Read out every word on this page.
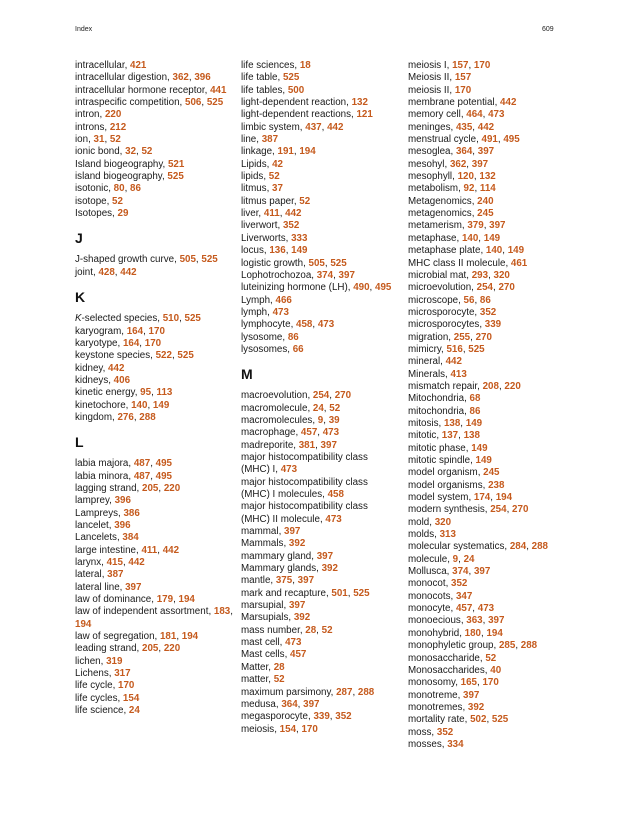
Index	609
intracellular, 421
intracellular digestion, 362, 396
intracellular hormone receptor, 441
intraspecific competition, 506, 525
intron, 220
introns, 212
ion, 31, 52
ionic bond, 32, 52
Island biogeography, 521
island biogeography, 525
isotonic, 80, 86
isotope, 52
Isotopes, 29
J
J-shaped growth curve, 505, 525
joint, 428, 442
K
K-selected species, 510, 525
karyogram, 164, 170
karyotype, 164, 170
keystone species, 522, 525
kidney, 442
kidneys, 406
kinetic energy, 95, 113
kinetochore, 140, 149
kingdom, 276, 288
L
labia majora, 487, 495
labia minora, 487, 495
lagging strand, 205, 220
lamprey, 396
Lampreys, 386
lancelet, 396
Lancelets, 384
large intestine, 411, 442
larynx, 415, 442
lateral, 387
lateral line, 397
law of dominance, 179, 194
law of independent assortment, 183, 194
law of segregation, 181, 194
leading strand, 205, 220
lichen, 319
Lichens, 317
life cycle, 170
life cycles, 154
life science, 24
life sciences, 18
life table, 525
life tables, 500
light-dependent reaction, 132
light-dependent reactions, 121
limbic system, 437, 442
line, 387
linkage, 191, 194
Lipids, 42
lipids, 52
litmus, 37
litmus paper, 52
liver, 411, 442
liverwort, 352
Liverworts, 333
locus, 136, 149
logistic growth, 505, 525
Lophotrochozoa, 374, 397
luteinizing hormone (LH), 490, 495
Lymph, 466
lymph, 473
lymphocyte, 458, 473
lysosome, 86
lysosomes, 66
M
macroevolution, 254, 270
macromolecule, 24, 52
macromolecules, 9, 39
macrophage, 457, 473
madreporite, 381, 397
major histocompatibility class (MHC) I, 473
major histocompatibility class (MHC) I molecules, 458
major histocompatibility class (MHC) II molecule, 473
mammal, 397
Mammals, 392
mammary gland, 397
Mammary glands, 392
mantle, 375, 397
mark and recapture, 501, 525
marsupial, 397
Marsupials, 392
mass number, 28, 52
mast cell, 473
Mast cells, 457
Matter, 28
matter, 52
maximum parsimony, 287, 288
medusa, 364, 397
megasporocyte, 339, 352
meiosis, 154, 170
meiosis I, 157, 170
Meiosis II, 157
meiosis II, 170
membrane potential, 442
memory cell, 464, 473
meninges, 435, 442
menstrual cycle, 491, 495
mesoglea, 364, 397
mesohyl, 362, 397
mesophyll, 120, 132
metabolism, 92, 114
Metagenomics, 240
metagenomics, 245
metamerism, 379, 397
metaphase, 140, 149
metaphase plate, 140, 149
MHC class II molecule, 461
microbial mat, 293, 320
microevolution, 254, 270
microscope, 56, 86
microsporocyte, 352
microsporocytes, 339
migration, 255, 270
mimicry, 516, 525
mineral, 442
Minerals, 413
mismatch repair, 208, 220
Mitochondria, 68
mitochondria, 86
mitosis, 138, 149
mitotic, 137, 138
mitotic phase, 149
mitotic spindle, 149
model organism, 245
model organisms, 238
model system, 174, 194
modern synthesis, 254, 270
mold, 320
molds, 313
molecular systematics, 284, 288
molecule, 9, 24
Mollusca, 374, 397
monocot, 352
monocots, 347
monocyte, 457, 473
monoecious, 363, 397
monohybrid, 180, 194
monophyletic group, 285, 288
monosaccharide, 52
Monosaccharides, 40
monosomy, 165, 170
monotreme, 397
monotremes, 392
mortality rate, 502, 525
moss, 352
mosses, 334
